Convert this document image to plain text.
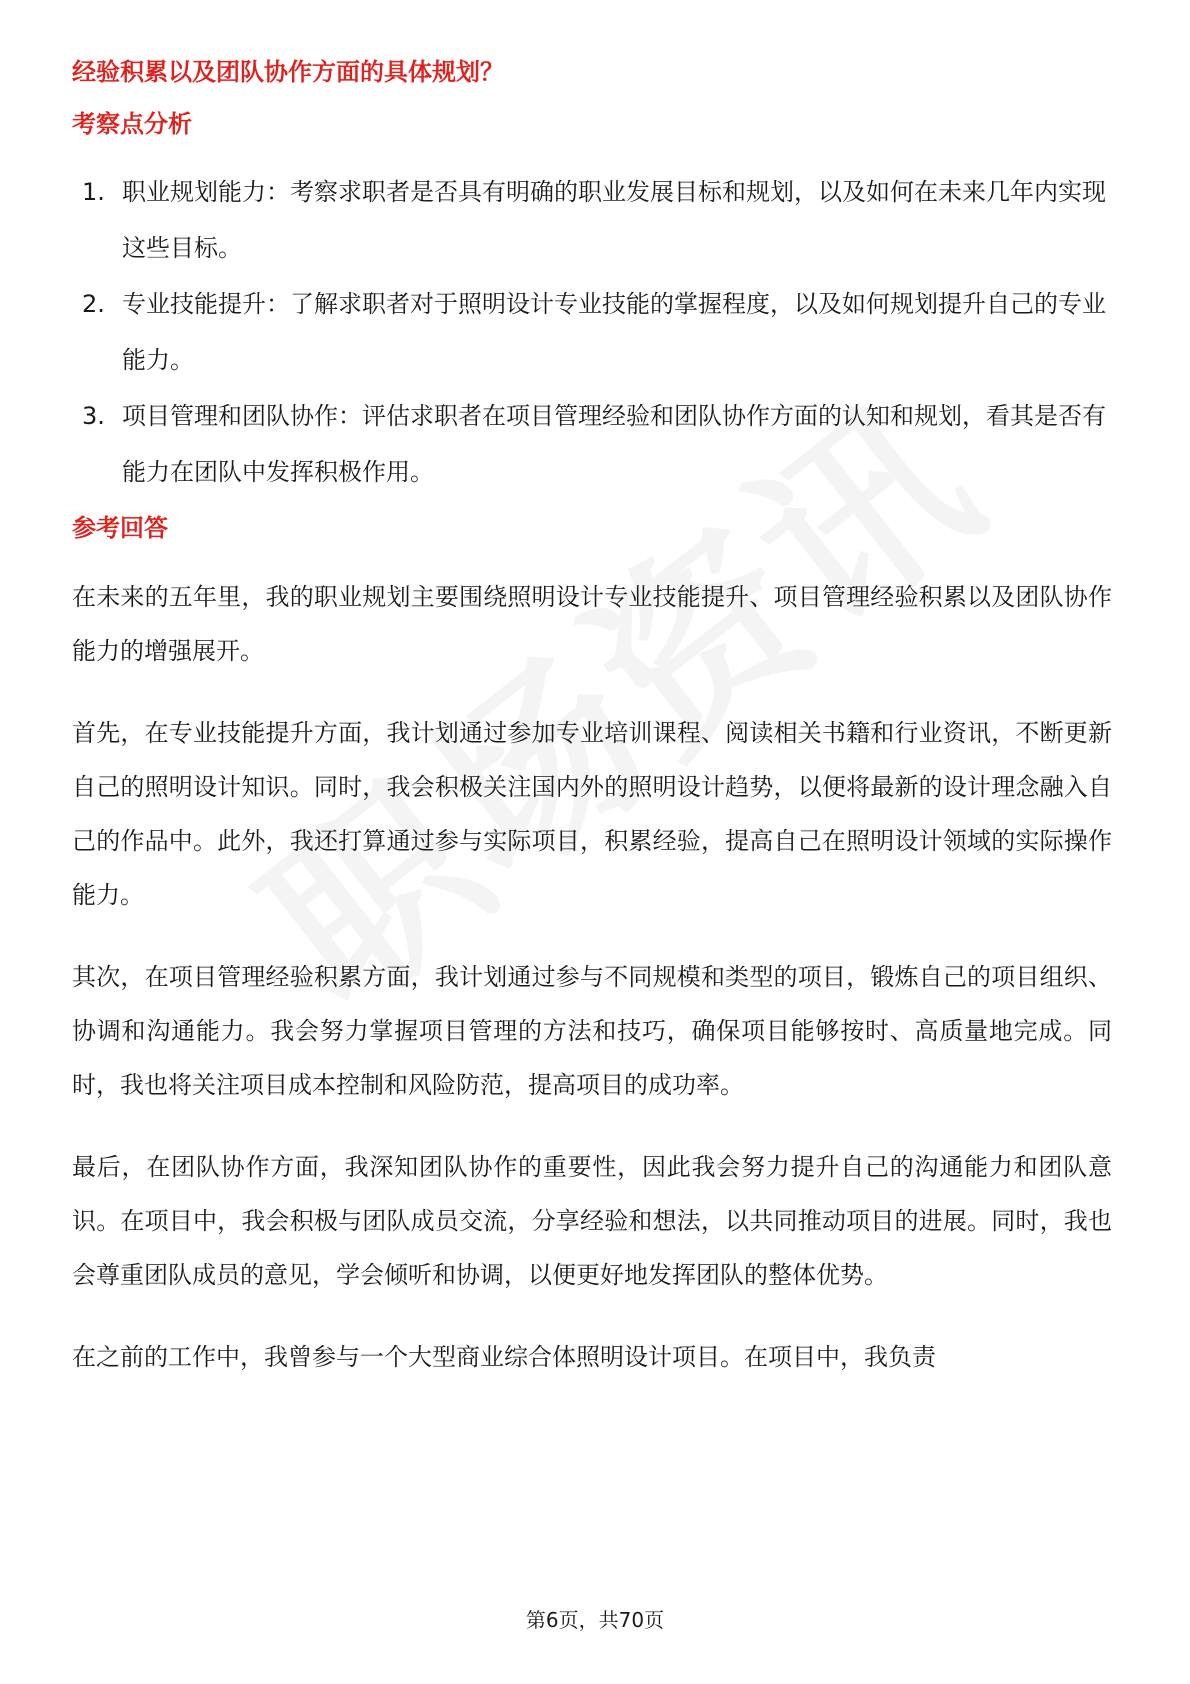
经验积累以及团队协作方面的具体规划？
考察点分析
1. 职业规划能力：考察求职者是否具有明确的职业发展目标和规划，以及如何在未来几年内实现这些目标。
2. 专业技能提升：了解求职者对于照明设计专业技能的掌握程度，以及如何规划提升自己的专业能力。
3. 项目管理和团队协作：评估求职者在项目管理经验和团队协作方面的认知和规划，看其是否有能力在团队中发挥积极作用。
参考回答

在未来的五年里，我的职业规划主要围绕照明设计专业技能提升、项目管理经验积累以及团队协作能力的增强展开。

首先，在专业技能提升方面，我计划通过参加专业培训课程、阅读相关书籍和行业资讯，不断更新自己的照明设计知识。同时，我会积极关注国内外的照明设计趋势，以便将最新的设计理念融入自己的作品中。此外，我还打算通过参与实际项目，积累经验，提高自己在照明设计领域的实际操作能力。

其次，在项目管理经验积累方面，我计划通过参与不同规模和类型的项目，锻炼自己的项目组织、协调和沟通能力。我会努力掌握项目管理的方法和技巧，确保项目能够按时、高质量地完成。同时，我也将关注项目成本控制和风险防范，提高项目的成功率。

最后，在团队协作方面，我深知团队协作的重要性，因此我会努力提升自己的沟通能力和团队意识。在项目中，我会积极与团队成员交流，分享经验和想法，以共同推动项目的进展。同时，我也会尊重团队成员的意见，学会倾听和协调，以便更好地发挥团队的整体优势。

在之前的工作中，我曾参与一个大型商业综合体照明设计项目。在项目中，我负责

第6页，共70页
